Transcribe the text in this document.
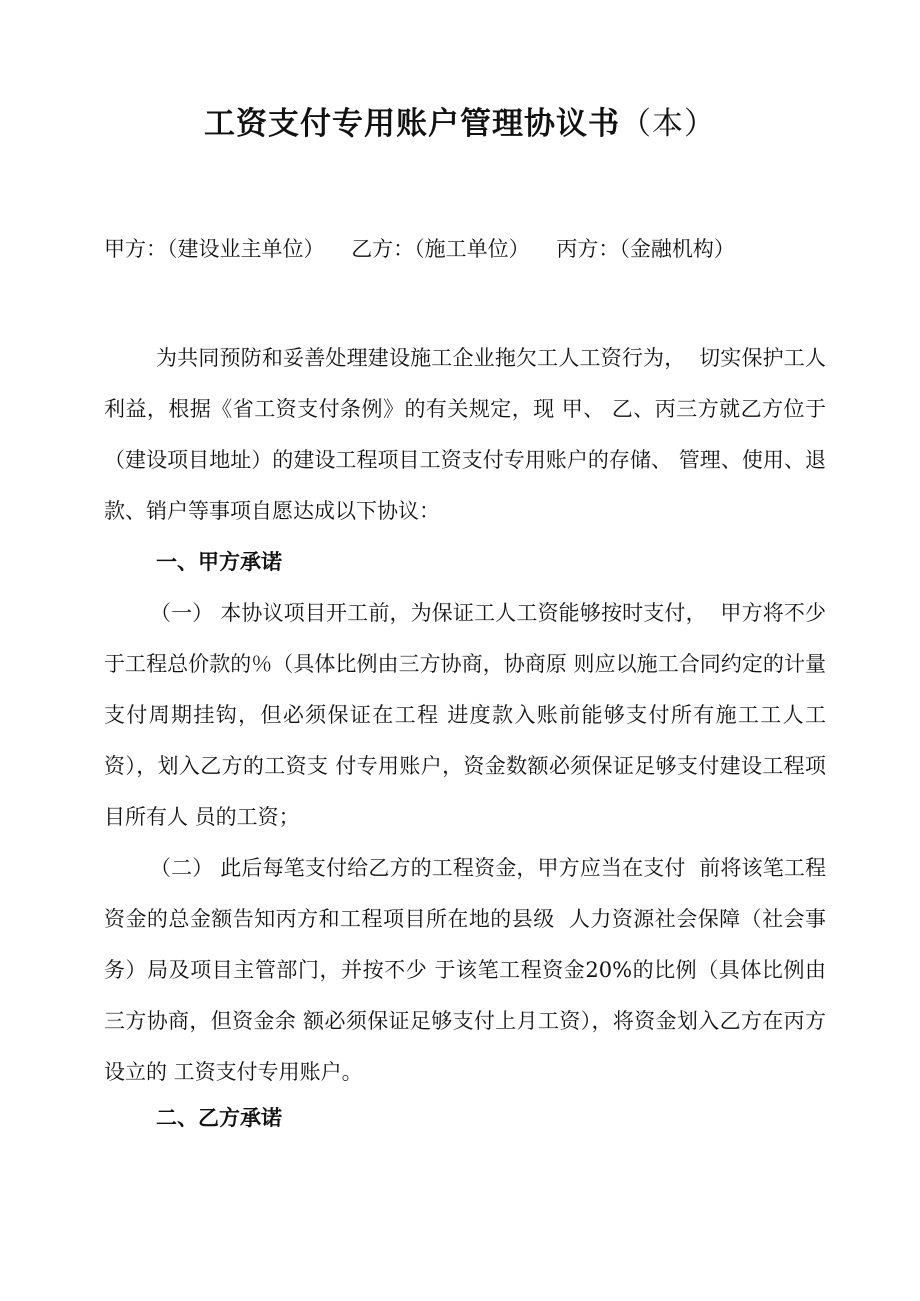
工资支付专用账户管理协议书（本）
甲方：（建设业主单位） 乙方：（施工单位） 丙方：（金融机构）

为共同预防和妥善处理建设施工企业拖欠工人工资行为，  切实保护工人利益，根据《省工资支付条例》的有关规定，现 甲、 乙、丙三方就乙方位于 （建设项目地址）的建设工程项目工资支付专用账户的存储、 管理、使用、退款、销户等事项自愿达成以下协议：

一、甲方承诺

（一） 本协议项目开工前，为保证工人工资能够按时支付，  甲方将不少于工程总价款的％（具体比例由三方协商，协商原 则应以施工合同约定的计量支付周期挂钩，但必须保证在工程 进度款入账前能够支付所有施工工人工资），划入乙方的工资支 付专用账户，资金数额必须保证足够支付建设工程项目所有人 员的工资；

（二） 此后每笔支付给乙方的工程资金，甲方应当在支付  前将该笔工程资金的总金额告知丙方和工程项目所在地的县级  人力资源社会保障（社会事务）局及项目主管部门，并按不少 于该笔工程资金20%的比例（具体比例由三方协商，但资金余 额必须保证足够支付上月工资），将资金划入乙方在丙方设立的 工资支付专用账户。

二、乙方承诺
